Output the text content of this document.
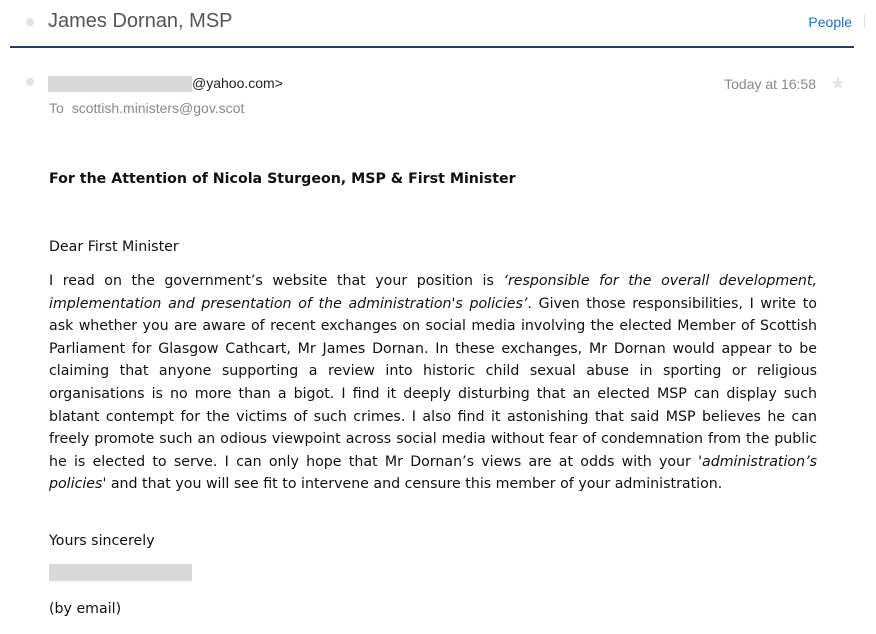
James Dornan, MSP	People
@yahoo.com>	Today at 16:58 ★
To scottish.ministers@gov.scot
For the Attention of Nicola Sturgeon, MSP & First Minister
Dear First Minister
I read on the government’s website that your position is ‘responsible for the overall development, implementation and presentation of the administration's policies’. Given those responsibilities, I write to ask whether you are aware of recent exchanges on social media involving the elected Member of Scottish Parliament for Glasgow Cathcart, Mr James Dornan. In these exchanges, Mr Dornan would appear to be claiming that anyone supporting a review into historic child sexual abuse in sporting or religious organisations is no more than a bigot. I find it deeply disturbing that an elected MSP can display such blatant contempt for the victims of such crimes. I also find it astonishing that said MSP believes he can freely promote such an odious viewpoint across social media without fear of condemnation from the public he is elected to serve. I can only hope that Mr Dornan’s views are at odds with your 'administration’s policies' and that you will see fit to intervene and censure this member of your administration.
Yours sincerely
(by email)
